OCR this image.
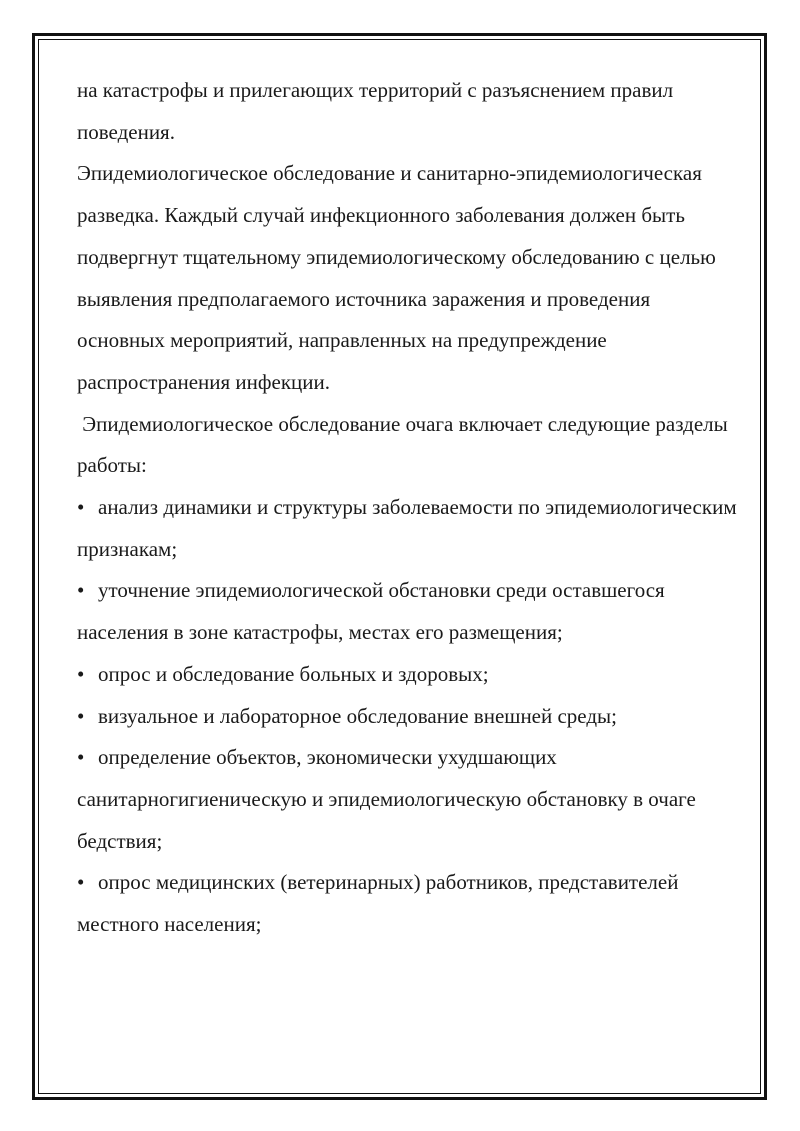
на катастрофы и прилегающих территорий с разъяснением правил поведения.

Эпидемиологическое обследование и санитарно-эпидемиологическая разведка. Каждый случай инфекционного заболевания должен быть подвергнут тщательному эпидемиологическому обследованию с целью выявления предполагаемого источника заражения и проведения основных мероприятий, направленных на предупреждение распространения инфекции.

Эпидемиологическое обследование очага включает следующие разделы работы:

• анализ динамики и структуры заболеваемости по эпидемиологическим признакам;
• уточнение эпидемиологической обстановки среди оставшегося населения в зоне катастрофы, местах его размещения;
• опрос и обследование больных и здоровых;
• визуальное и лабораторное обследование внешней среды;
• определение объектов, экономически ухудшающих санитарногигиеническую и эпидемиологическую обстановку в очаге бедствия;
• опрос медицинских (ветеринарных) работников, представителей местного населения;
